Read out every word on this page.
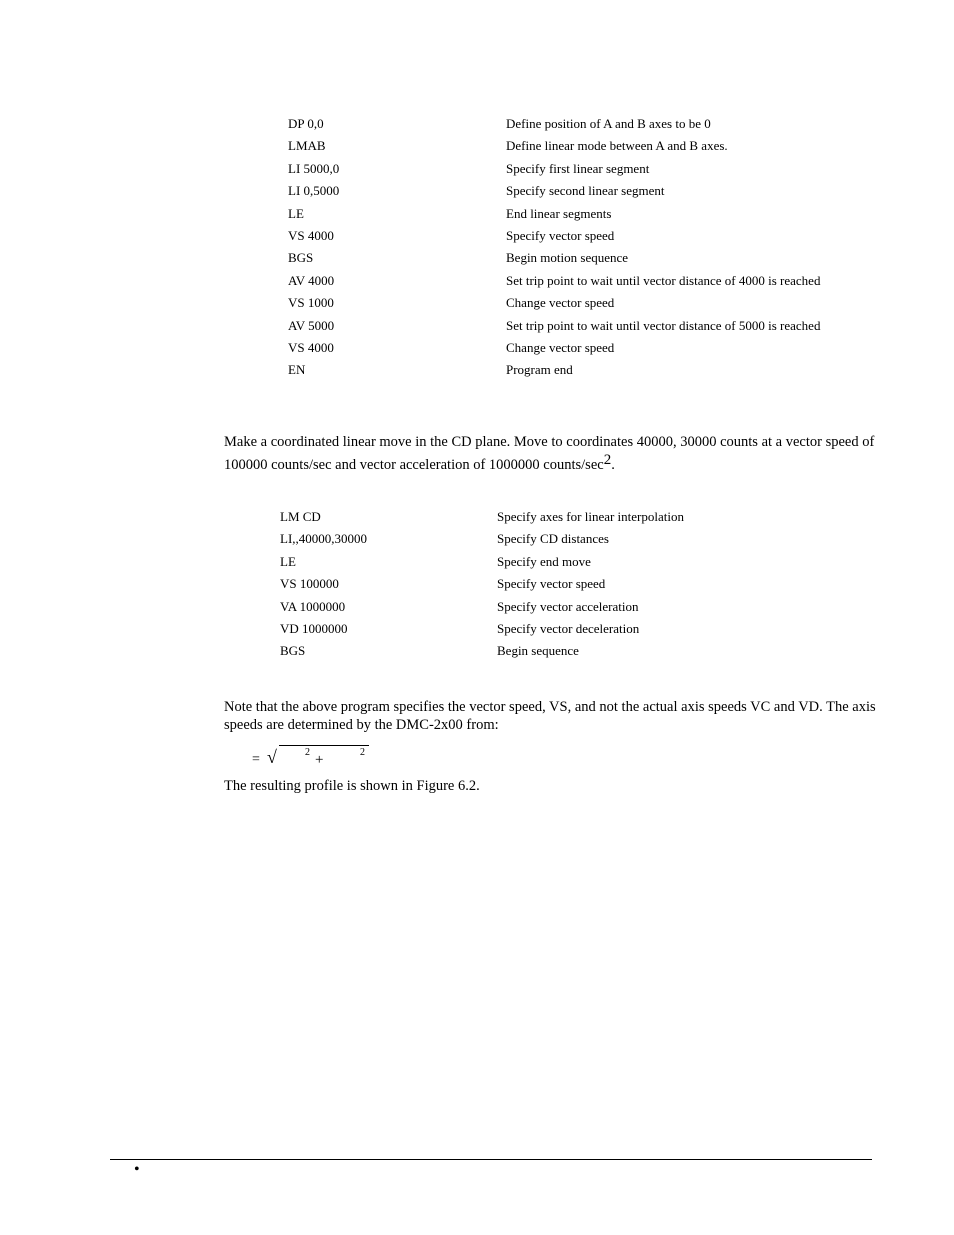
DP 0,0	Define position of A and B axes to be 0
LMAB	Define linear mode between A and B axes.
LI 5000,0	Specify first linear segment
LI 0,5000	Specify second linear segment
LE	End linear segments
VS 4000	Specify vector speed
BGS	Begin motion sequence
AV 4000	Set trip point to wait until vector distance of 4000 is reached
VS 1000	Change vector speed
AV 5000	Set trip point to wait until vector distance of 5000 is reached
VS 4000	Change vector speed
EN	Program end
Make a coordinated linear move in the CD plane. Move to coordinates 40000, 30000 counts at a vector speed of 100000 counts/sec and vector acceleration of 1000000 counts/$\sec^2$.
LM CD	Specify axes for linear interpolation
LI,,40000,30000	Specify CD distances
LE	Specify end move
VS 100000	Specify vector speed
VA 1000000	Specify vector acceleration
VD 1000000	Specify vector deceleration
BGS	Begin sequence
Note that the above program specifies the vector speed, VS, and not the actual axis speeds VC and VD. The axis speeds are determined by the DMC-2x00 from:
= √	2 +	2
The resulting profile is shown in Figure 6.2.
•
